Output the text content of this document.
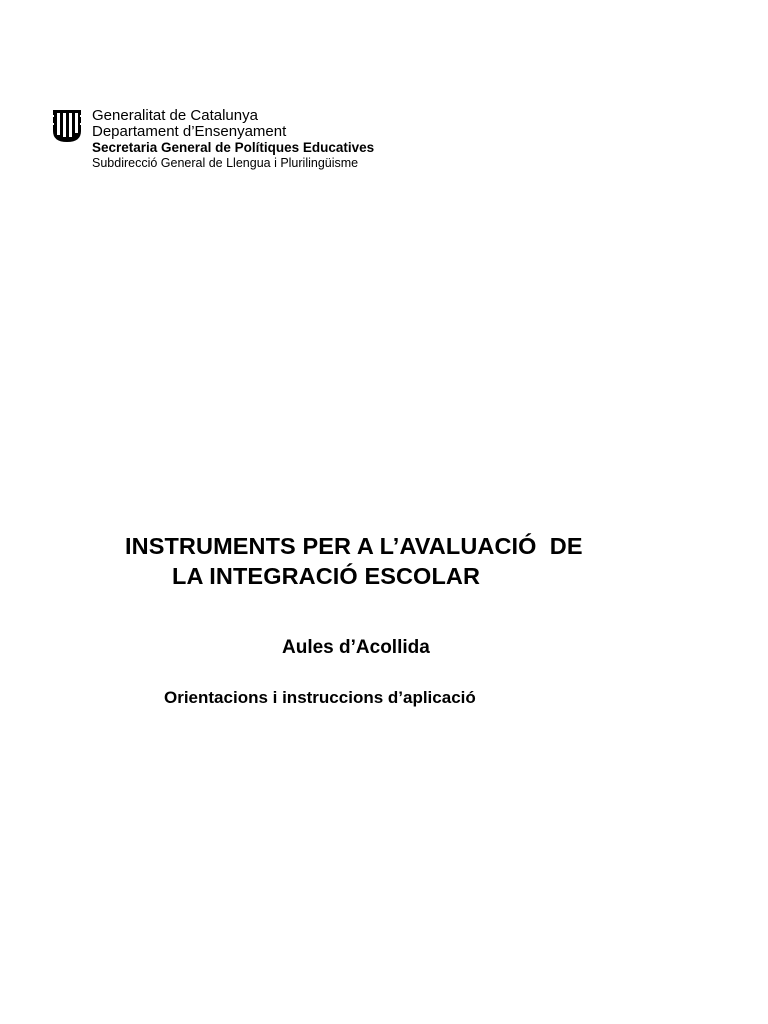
Generalitat de Catalunya
Departament d’Ensenyament
Secretaria General de Polítiques Educatives
Subdirecció General de Llengua i Plurilingüisme
INSTRUMENTS PER A L’AVALUACIÓ  DE
LA INTEGRACIÓ ESCOLAR
Aules d’Acollida
Orientacions i instruccions d’aplicació
